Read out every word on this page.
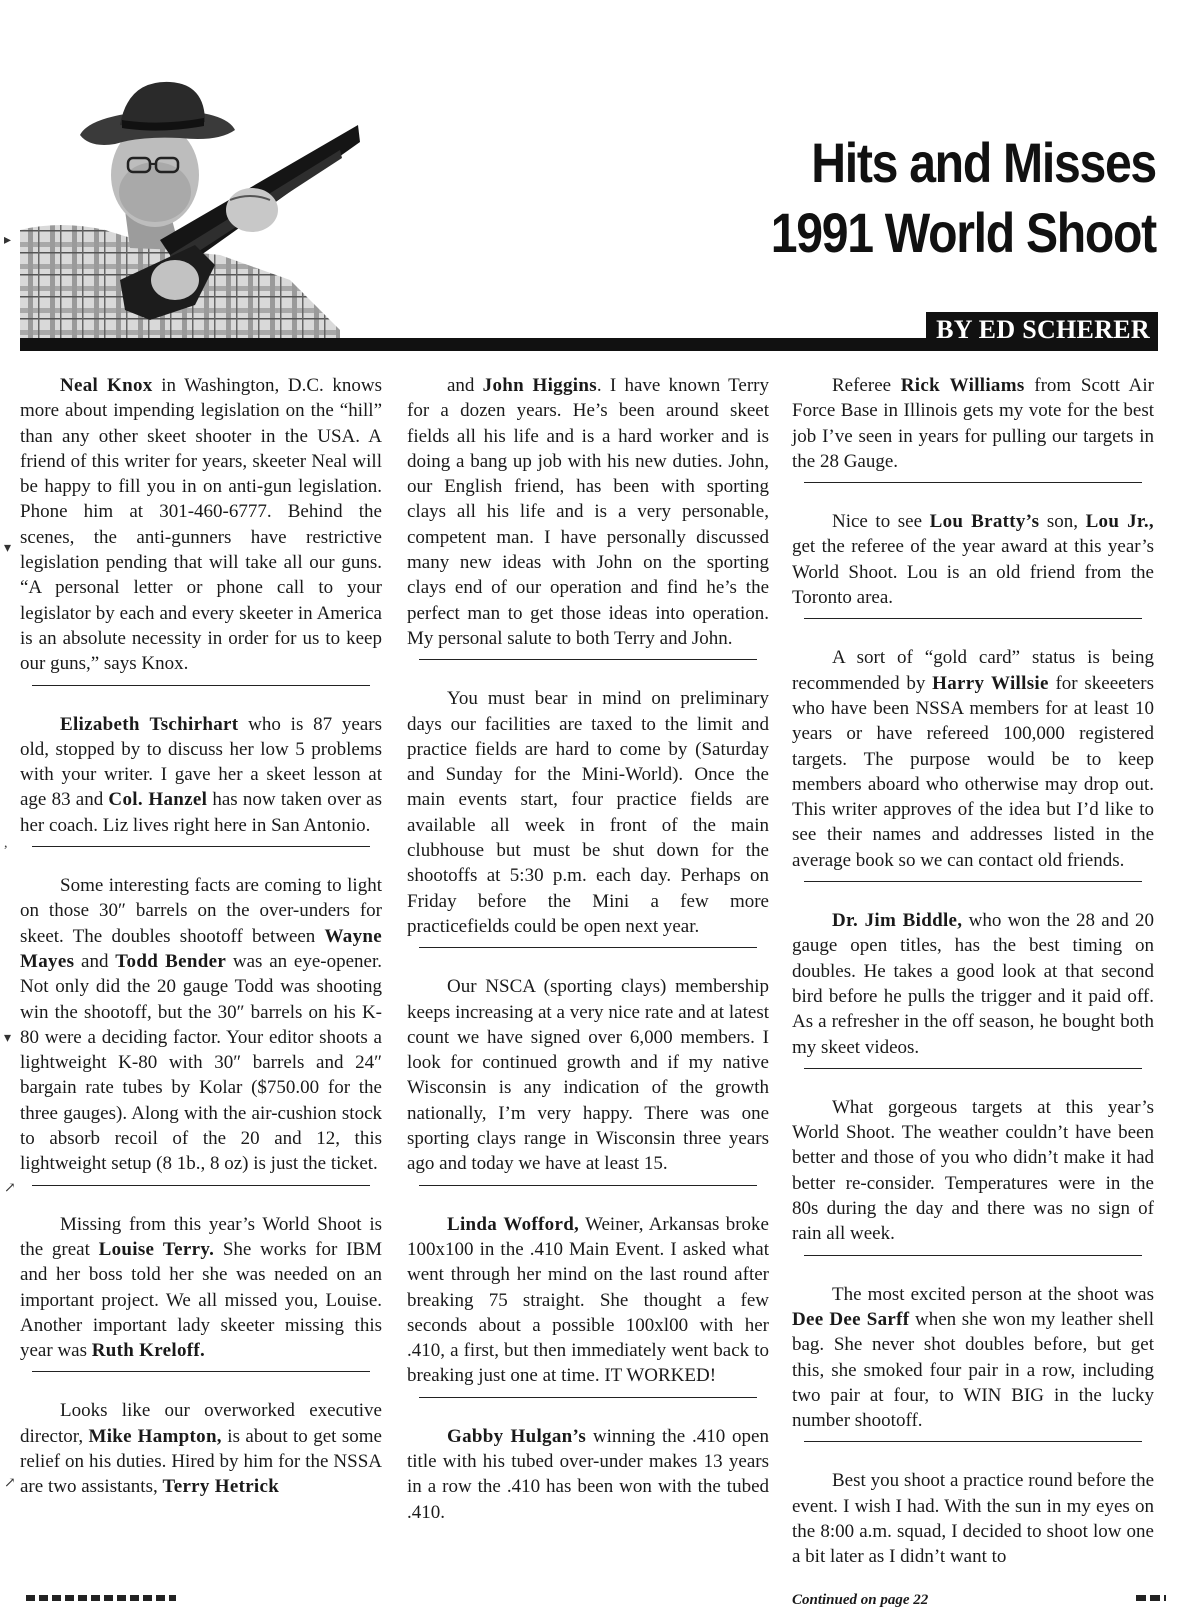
Hits and Misses
1991 World Shoot
BY ED SCHERER

Neal Knox in Washington, D.C. knows more about impending legislation on the “hill” than any other skeet shooter in the USA. A friend of this writer for years, skeeter Neal will be happy to fill you in on anti-gun legislation. Phone him at 301-460-6777. Behind the scenes, the anti-gunners have restrictive legislation pending that will take all our guns. “A personal letter or phone call to your legislator by each and every skeeter in America is an absolute necessity in order for us to keep our guns,” says Knox.

Elizabeth Tschirhart who is 87 years old, stopped by to discuss her low 5 problems with your writer. I gave her a skeet lesson at age 83 and Col. Hanzel has now taken over as her coach. Liz lives right here in San Antonio.

Some interesting facts are coming to light on those 30″ barrels on the over-unders for skeet. The doubles shootoff between Wayne Mayes and Todd Bender was an eye-opener. Not only did the 20 gauge Todd was shooting win the shootoff, but the 30″ barrels on his K-80 were a deciding factor. Your editor shoots a lightweight K-80 with 30″ barrels and 24″ bargain rate tubes by Kolar ($750.00 for the three gauges). Along with the air-cushion stock to absorb recoil of the 20 and 12, this lightweight setup (8 1b., 8 oz) is just the ticket.

Missing from this year’s World Shoot is the great Louise Terry. She works for IBM and her boss told her she was needed on an important project. We all missed you, Louise. Another important lady skeeter missing this year was Ruth Kreloff.

Looks like our overworked executive director, Mike Hampton, is about to get some relief on his duties. Hired by him for the NSSA are two assistants, Terry Hetrick

and John Higgins. I have known Terry for a dozen years. He’s been around skeet fields all his life and is a hard worker and is doing a bang up job with his new duties. John, our English friend, has been with sporting clays all his life and is a very personable, competent man. I have personally discussed many new ideas with John on the sporting clays end of our operation and find he’s the perfect man to get those ideas into operation. My personal salute to both Terry and John.

You must bear in mind on preliminary days our facilities are taxed to the limit and practice fields are hard to come by (Saturday and Sunday for the Mini-World). Once the main events start, four practice fields are available all week in front of the main clubhouse but must be shut down for the shootoffs at 5:30 p.m. each day. Perhaps on Friday before the Mini a few more practicefields could be open next year.

Our NSCA (sporting clays) membership keeps increasing at a very nice rate and at latest count we have signed over 6,000 members. I look for continued growth and if my native Wisconsin is any indication of the growth nationally, I’m very happy. There was one sporting clays range in Wisconsin three years ago and today we have at least 15.

Linda Wofford, Weiner, Arkansas broke 100x100 in the .410 Main Event. I asked what went through her mind on the last round after breaking 75 straight. She thought a few seconds about a possible 100xl00 with her .410, a first, but then immediately went back to breaking just one at time. IT WORKED!

Gabby Hulgan’s winning the .410 open title with his tubed over-under makes 13 years in a row the .410 has been won with the tubed .410.

Referee Rick Williams from Scott Air Force Base in Illinois gets my vote for the best job I’ve seen in years for pulling our targets in the 28 Gauge.

Nice to see Lou Bratty’s son, Lou Jr., get the referee of the year award at this year’s World Shoot. Lou is an old friend from the Toronto area.

A sort of “gold card” status is being recommended by Harry Willsie for skeeeters who have been NSSA members for at least 10 years or have refereed 100,000 registered targets. The purpose would be to keep members aboard who otherwise may drop out. This writer approves of the idea but I’d like to see their names and addresses listed in the average book so we can contact old friends.

Dr. Jim Biddle, who won the 28 and 20 gauge open titles, has the best timing on doubles. He takes a good look at that second bird before he pulls the trigger and it paid off. As a refresher in the off season, he bought both my skeet videos.

What gorgeous targets at this year’s World Shoot. The weather couldn’t have been better and those of you who didn’t make it had better re-consider. Temperatures were in the 80s during the day and there was no sign of rain all week.

The most excited person at the shoot was Dee Dee Sarff when she won my leather shell bag. She never shot doubles before, but get this, she smoked four pair in a row, including two pair at four, to WIN BIG in the lucky number shootoff.

Best you shoot a practice round before the event. I wish I had. With the sun in my eyes on the 8:00 a.m. squad, I decided to shoot low one a bit later as I didn’t want to

Continued on page 22

▸
▾
,
▾
↗
↗
